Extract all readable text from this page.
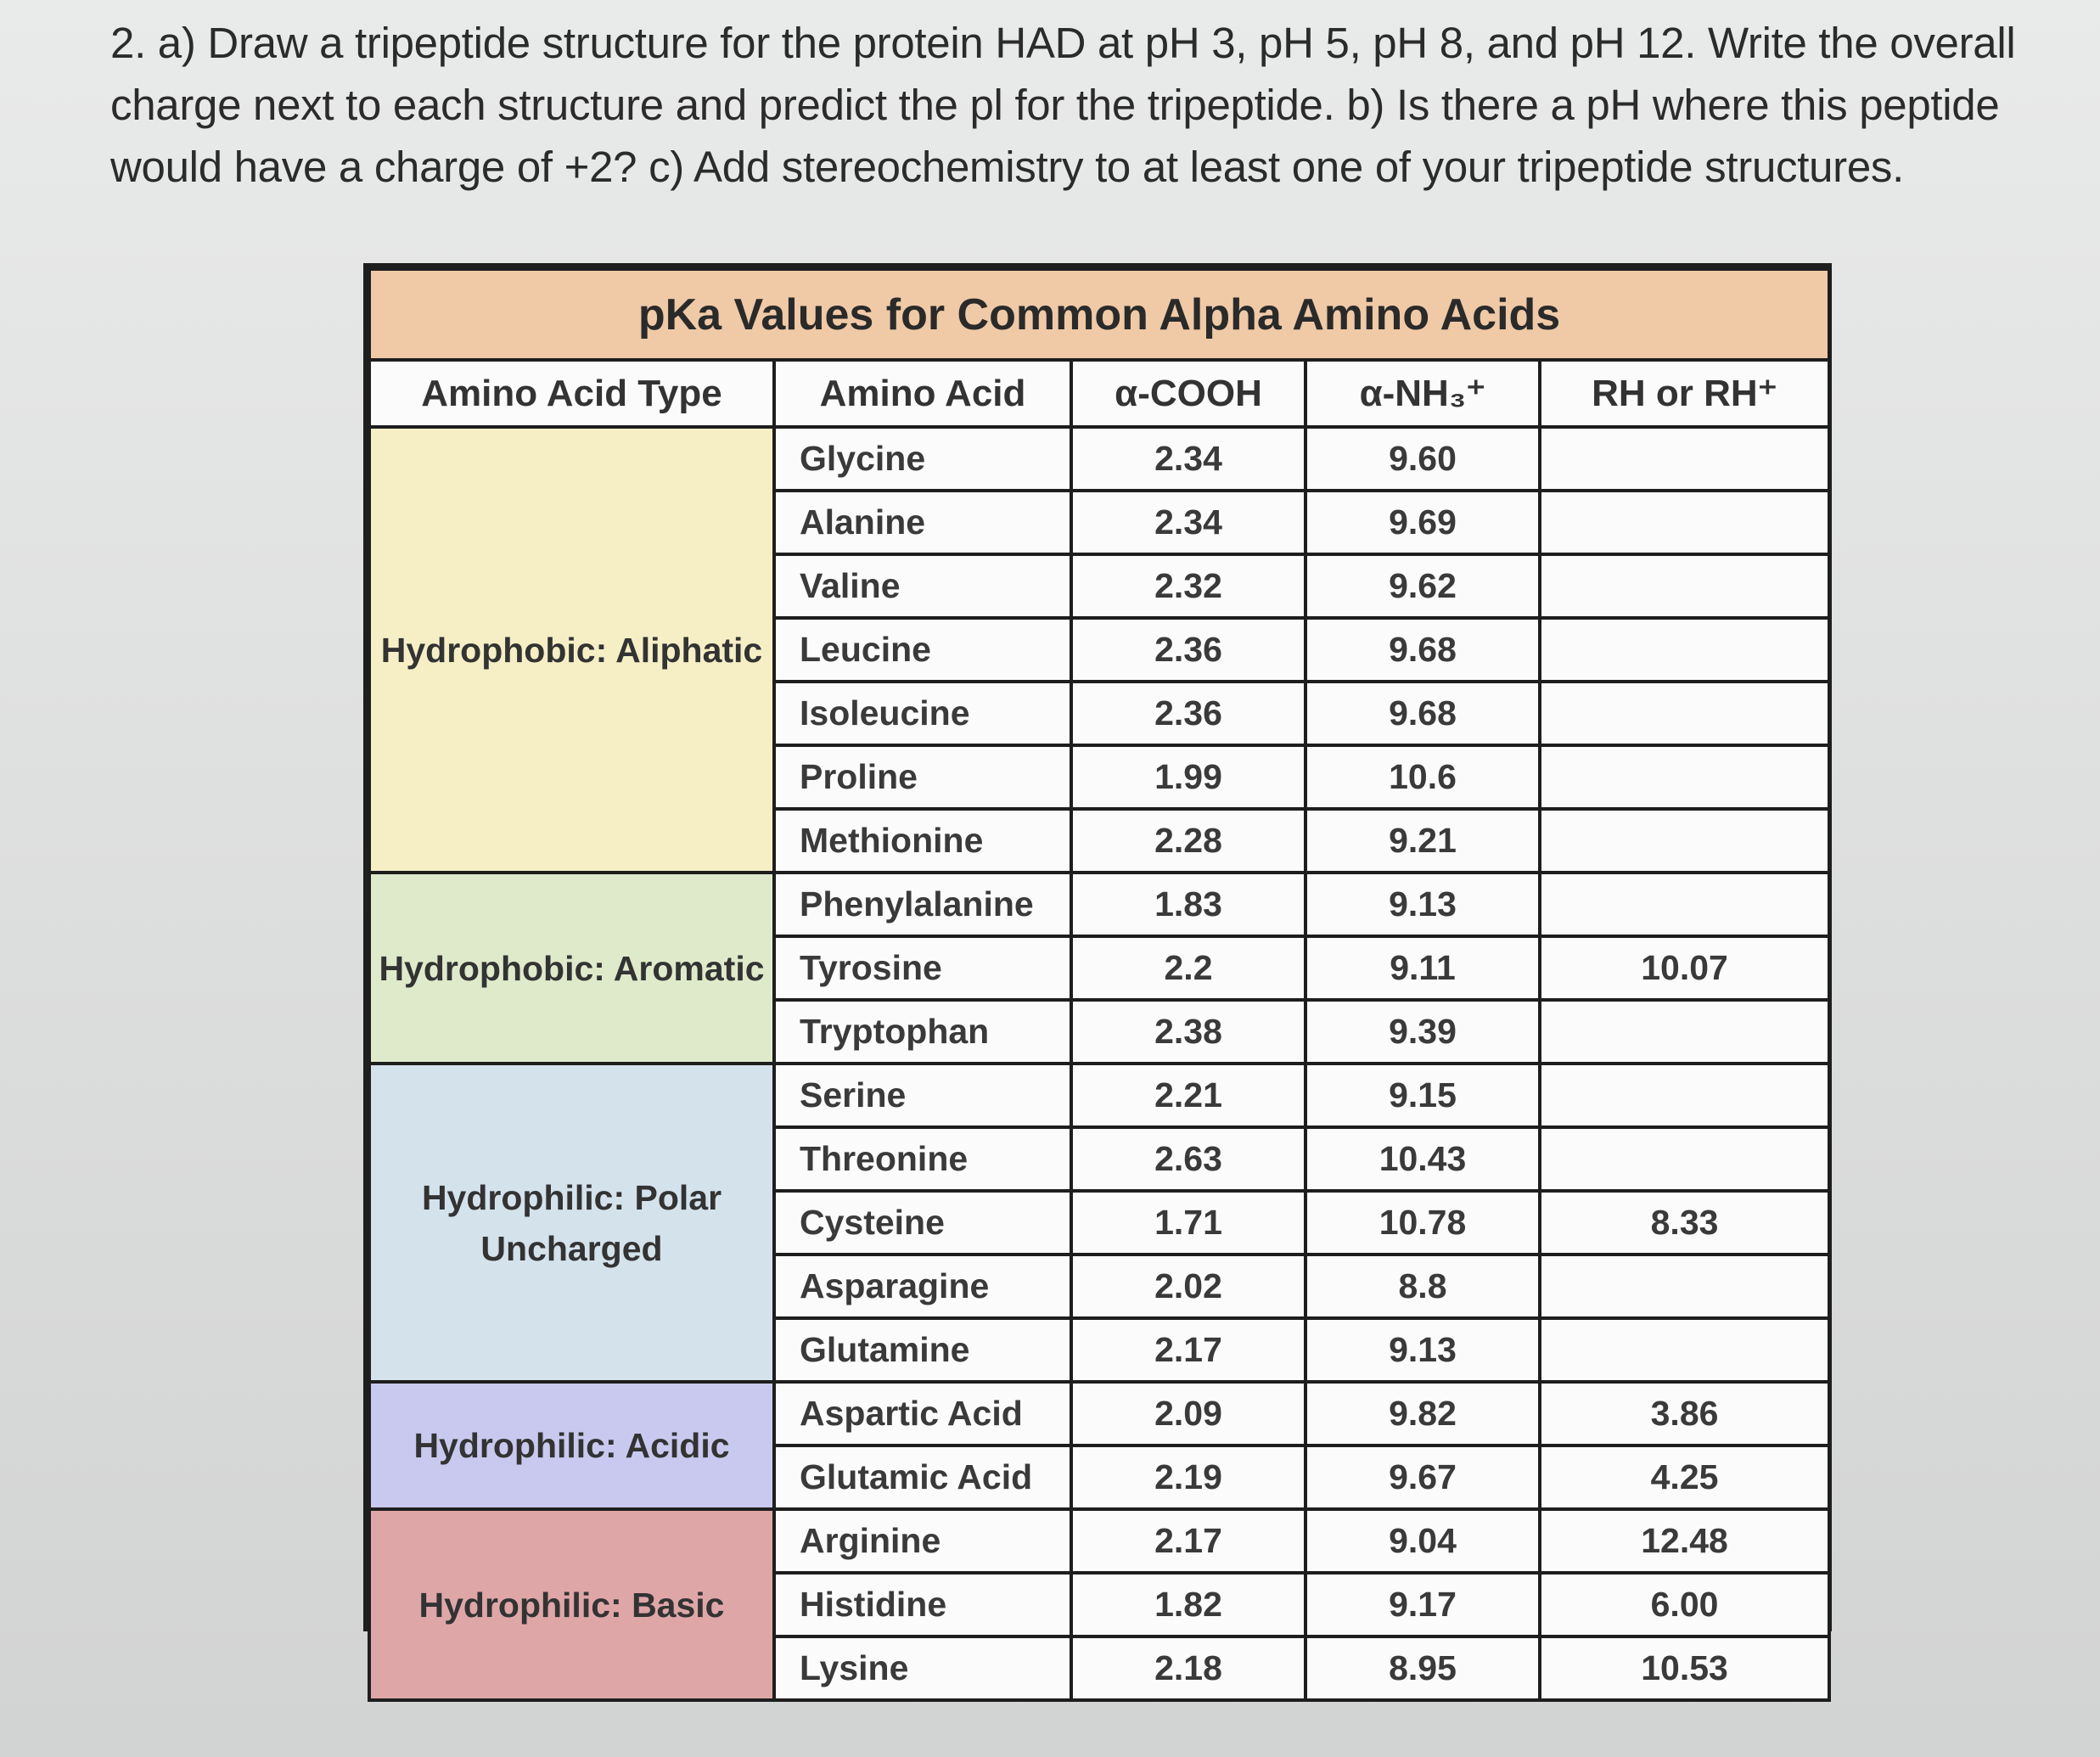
2. a) Draw a tripeptide structure for the protein HAD at pH 3, pH 5, pH 8, and pH 12. Write the overall
charge next to each structure and predict the pl for the tripeptide. b) Is there a pH where this peptide
would have a charge of +2? c) Add stereochemistry to at least one of your tripeptide structures.
pKa Values for Common Alpha Amino Acids				
Amino Acid Type	Amino Acid	α-COOH	α-NH₃⁺	RH or RH⁺
Hydrophobic: Aliphatic	Glycine	2.34	9.60	
	Alanine	2.34	9.69	
	Valine	2.32	9.62	
	Leucine	2.36	9.68	
	Isoleucine	2.36	9.68	
	Proline	1.99	10.6	
	Methionine	2.28	9.21	
Hydrophobic: Aromatic	Phenylalanine	1.83	9.13	
	Tyrosine	2.2	9.11	10.07
	Tryptophan	2.38	9.39	
Hydrophilic: Polar Uncharged	Serine	2.21	9.15	
	Threonine	2.63	10.43	
	Cysteine	1.71	10.78	8.33
	Asparagine	2.02	8.8	
	Glutamine	2.17	9.13	
Hydrophilic: Acidic	Aspartic Acid	2.09	9.82	3.86
	Glutamic Acid	2.19	9.67	4.25
Hydrophilic: Basic	Arginine	2.17	9.04	12.48
	Histidine	1.82	9.17	6.00
	Lysine	2.18	8.95	10.53
